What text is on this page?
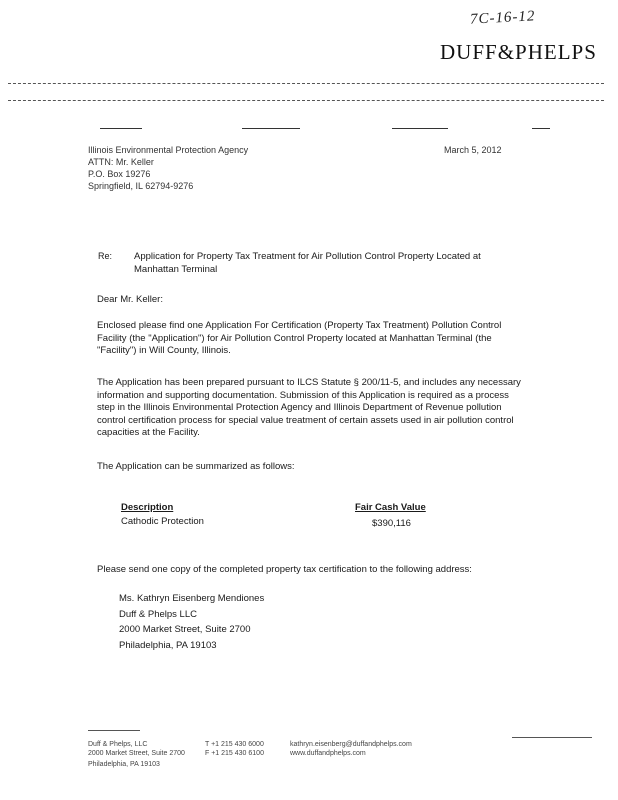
7C-16-12
DUFF&PHELPS
Illinois Environmental Protection Agency
ATTN: Mr. Keller
P.O. Box 19276
Springfield, IL 62794-9276
March 5, 2012
Re: Application for Property Tax Treatment for Air Pollution Control Property Located at Manhattan Terminal
Dear Mr. Keller:
Enclosed please find one Application For Certification (Property Tax Treatment) Pollution Control Facility (the "Application") for Air Pollution Control Property located at Manhattan Terminal (the "Facility") in Will County, Illinois.
The Application has been prepared pursuant to ILCS Statute § 200/11-5, and includes any necessary information and supporting documentation. Submission of this Application is required as a process step in the Illinois Environmental Protection Agency and Illinois Department of Revenue pollution control certification process for special value treatment of certain assets used in air pollution control capacities at the Facility.
The Application can be summarized as follows:
Description	Fair Cash Value
Cathodic Protection	$390,116
Please send one copy of the completed property tax certification to the following address:
Ms. Kathryn Eisenberg Mendiones
Duff & Phelps LLC
2000 Market Street, Suite 2700
Philadelphia, PA 19103
Duff & Phelps, LLC
2000 Market Street, Suite 2700
Philadelphia, PA 19103
T +1 215 430 6000
F +1 215 430 6100
kathryn.eisenberg@duffandphelps.com
www.duffandphelps.com
